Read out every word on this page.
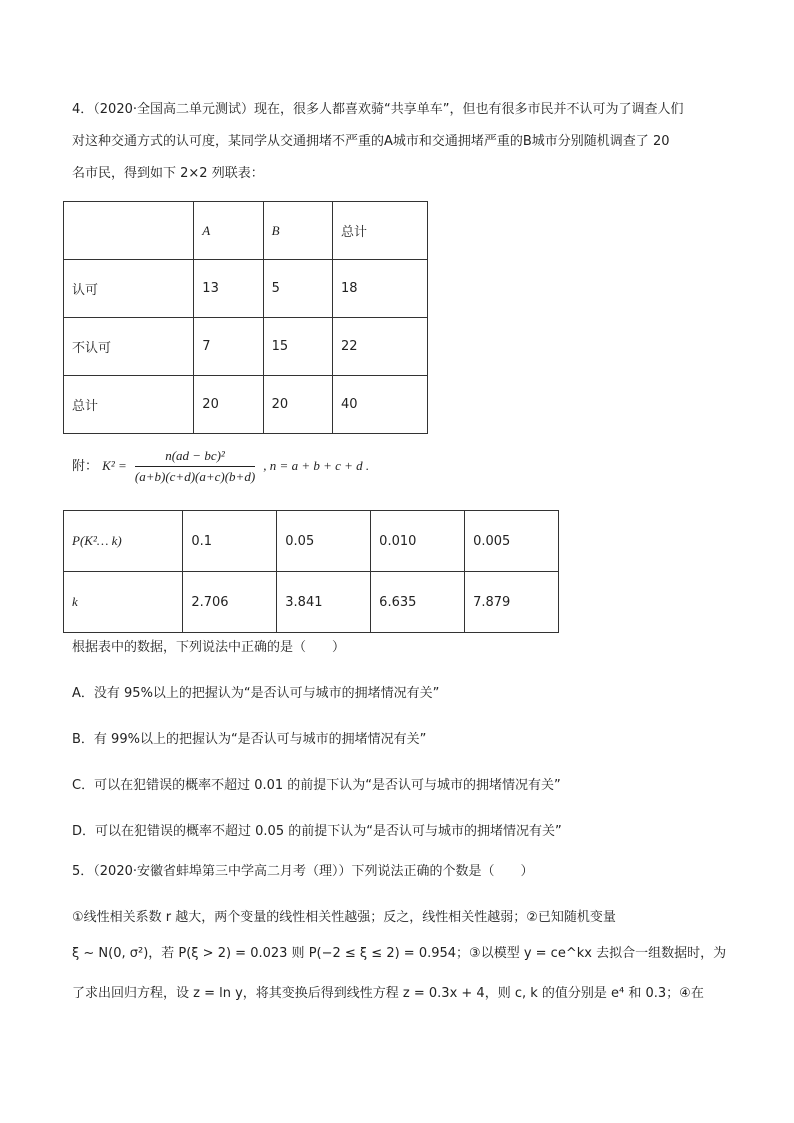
4．（2020·全国高二单元测试）现在，很多人都喜欢骑“共享单车”，但也有很多市民并不认可为了调查人们
对这种交通方式的认可度，某同学从交通拥堵不严重的A城市和交通拥堵严重的B城市分别随机调查了 20
名市民，得到如下 2×2 列联表：
	A	B	总计
认可	13	5	18
不认可	7	15	22
总计	20	20	40
附： $K^2 = \frac{\text{n(ad − bc)²}}{(a+b)(c+d)(a+c)(b+d)}$ , n = a + b + c + d .
P(K²… k)	0.1	0.05	0.010	0.005
k	2.706	3.841	6.635	7.879
根据表中的数据，下列说法中正确的是（　　）
A．没有 95%以上的把握认为“是否认可与城市的拥堵情况有关”
B．有 99%以上的把握认为“是否认可与城市的拥堵情况有关”
C．可以在犯错误的概率不超过 0.01 的前提下认为“是否认可与城市的拥堵情况有关”
D．可以在犯错误的概率不超过 0.05 的前提下认为“是否认可与城市的拥堵情况有关”
5．（2020·安徽省蚌埠第三中学高二月考（理））下列说法正确的个数是（　　）
①线性相关系数 r 越大，两个变量的线性相关性越强；反之，线性相关性越弱；②已知随机变量
ξ ~ N(0, σ²)，若 P(ξ > 2) = 0.023 则 P(−2 ≤ ξ ≤ 2) = 0.954；③以模型 y = ce^kx 去拟合一组数据时，为
了求出回归方程，设 z = ln y，将其变换后得到线性方程 z = 0.3x + 4，则 c, k 的值分别是 e⁴ 和 0.3；④在
